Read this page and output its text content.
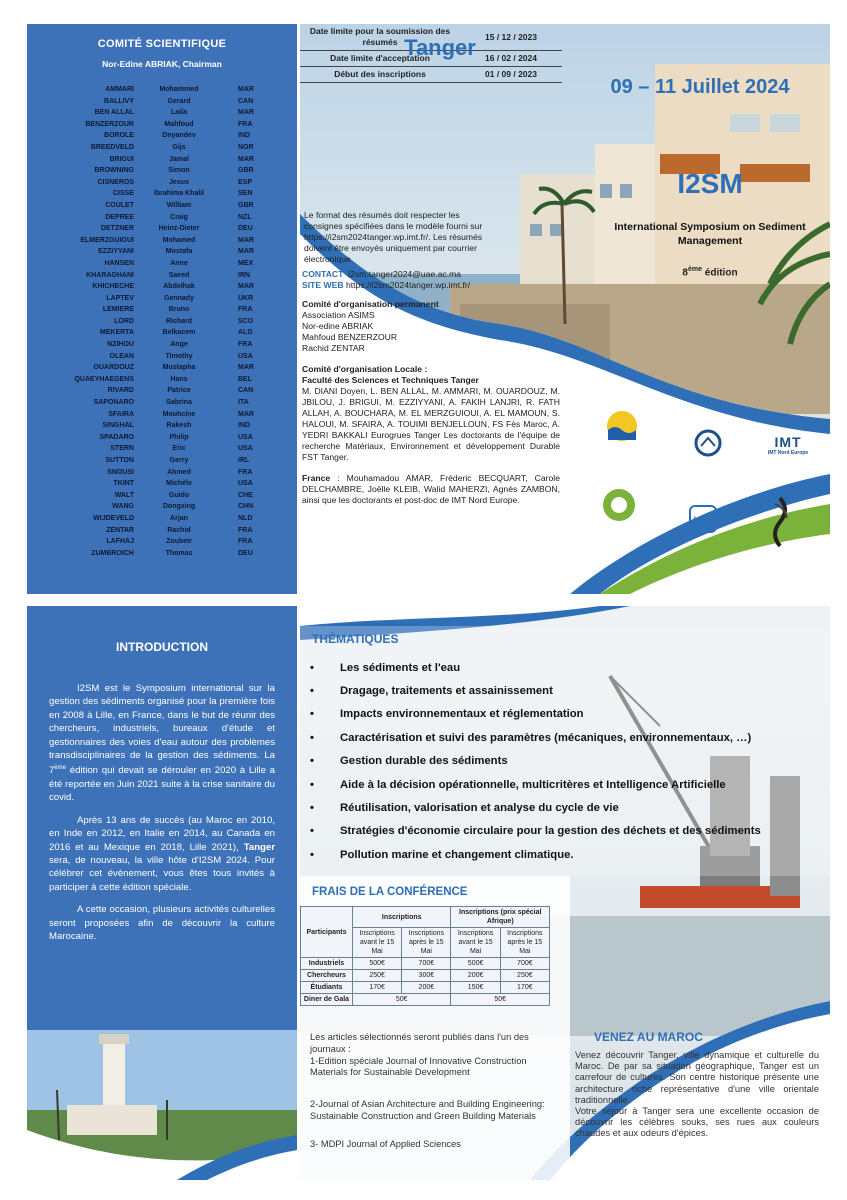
COMITÉ SCIENTIFIQUE
Nor-Edine ABRIAK, Chairman
AMMARI	Mohammed	MAR
BALLIVY	Gerard	CAN
BEN ALLAL	Laila	MAR
BENZERZOUR	Mahfoud	FRA
BOROLE	Dnyandev	IND
BREEDVELD	Gijs	NOR
BRIGUI	Jamal	MAR
BROWNING	Simon	GBR
CISNEROS	Jesus	ESP
CISSE	Ibrahima Khalil	SEN
COULET	William	GBR
DEPREE	Craig	NZL
DETZNER	Heinz-Dieter	DEU
ELMERZGUIOUI	Mohamed	MAR
EZZIYYANI	Mostafa	MAR
HANSEN	Anne	MEX
KHARAGHANI	Saeed	IRN
KHICHECHE	Abdelhak	MAR
LAPTEV	Gennady	UKR
LEMIERE	Bruno	FRA
LORD	Richard	SCO
MEKERTA	Belkacem	ALG
NZIHOU	Ange	FRA
OLEAN	Timothy	USA
OUARDOUZ	Mustapha	MAR
QUAEYHAEGENS	Hans	BEL
RIVARD	Patrice	CAN
SAPONARO	Sabrina	ITA
SFAIRA	Mouhcine	MAR
SINGHAL	Rakesh	IND
SPADARO	Philip	USA
STERN	Eric	USA
SUTTON	Gerry	IRL
SNOUSI	Ahmed	FRA
TKINT	Michèle	USA
WALT	Guido	CHE
WANG	Dongxing	CHN
WIJDEVELD	Arjan	NLD
ZENTAR	Rachid	FRA
LAFHAJ	Zoubeir	FRA
ZUMBROICH	Thomas	DEU
Date limite pour la soumission des résumés
15 / 12 / 2023
Date limite d'acceptation	16 / 02 / 2024
Début des inscriptions	01 / 09 / 2023
Tanger
09 – 11 Juillet 2024
I2SM
International Symposium on Sediment Management
8ème édition

Le format des résumés doit respecter les consignes spécifiées dans le modèle fourni sur https://i2sm2024tanger.wp.imt.fr/. Les résumés doivent être envoyés uniquement par courrier électronique.

CONTACT i2sm.tanger2024@uae.ac.ma

SITE WEB https://i2sm2024tanger.wp.imt.fr/

Comité d'organisation permanent

Association ASIMS

Nor-edine ABRIAK

Mahfoud BENZERZOUR

Rachid ZENTAR

Comité d'organisation Locale :

Faculté des Sciences et Techniques Tanger

M. DIANI Doyen, L. BEN ALLAL, M. AMMARI, M. OUARDOUZ, M. JBILOU, J. BRIGUI, M. EZZIYYANI, A. FAKIH LANJRI, R. FATH ALLAH, A. BOUCHARA, M. EL MERZGUIOUI, A. EL MAMOUN, S. HALOUI, M. SFAIRA, A. TOUIMI BENJELLOUN, FS Fès Maroc, A. YEDRI BAKKALI Eurogrues Tanger Les doctorants de l'équipe de recherche Matériaux, Environnement et développement Durable FST Tanger.

France : Mouhamadou AMAR, Fréderic BECQUART, Carole DELCHAMBRE, Joëlle KLEIB, Walid MAHERZI, Agnès ZAMBON, ainsi que les doctorants et post-doc de IMT Nord Europe.

IMT
IMT Nord Europe
LGC
INTRODUCTION

I2SM est le Symposium international sur la gestion des sédiments organisé pour la première fois en 2008 à Lille, en France, dans le but de réunir des chercheurs, industriels, bureaux d'étude et gestionnaires des voies d'eau autour des problèmes transdisciplinaires de la gestion des sédiments. La 7ème édition qui devait se dérouler en 2020 à Lille a été reportée en Juin 2021 suite à la crise sanitaire du covid.

Après 13 ans de succès (au Maroc en 2010, en Inde en 2012, en Italie en 2014, au Canada en 2016 et au Mexique en 2018, Lille 2021), Tanger sera, de nouveau, la ville hôte d'I2SM 2024. Pour célébrer cet évènement, vous êtes tous invités à participer à cette édition spéciale.

A cette occasion, plusieurs activités culturelles seront proposées afin de découvrir la culture Marocaine.

THÉMATIQUES
•	Les sédiments et l'eau
•	Dragage, traitements et assainissement
•	Impacts environnementaux et réglementation
•	Caractérisation et suivi des paramètres (mécaniques, environnementaux, …)
•	Gestion durable des sédiments
•	Aide à la décision opérationnelle, multicritères et Intelligence Artificielle
•	Réutilisation, valorisation et analyse du cycle de vie
•	Stratégies d'économie circulaire pour la gestion des déchets et des sédiments
•	Pollution marine et changement climatique.
FRAIS DE LA CONFÉRENCE
Participants	Inscriptions		Inscriptions (prix spécial Afrique)	
	Inscriptions avant le 15 Mai	Inscriptions après le 15 Mai	Inscriptions avant le 15 Mai	Inscriptions après le 15 Mai
Industriels	500€	700€	500€	700€
Chercheurs	250€	300€	200€	250€
Étudiants	170€	200€	150€	170€
Diner de Gala	50€		50€	

Les articles sélectionnés seront publiés dans l'un des journaux :

1-Edition spéciale Journal of Innovative Construction Materials for Sustainable Development

2-Journal of Asian Architecture and Building Engineering: Sustainable Construction and Green Building Materials

3- MDPI Journal of Applied Sciences

VENEZ AU MAROC

Venez découvrir Tanger, ville dynamique et culturelle du Maroc. De par sa situation géographique, Tanger est un carrefour de cultures. Son centre historique présente une architecture riche représentative d'une ville orientale traditionnelle.

Votre séjour à Tanger sera une excellente occasion de découvrir les célèbres souks, ses rues aux couleurs chaudes et aux odeurs d'épices.
